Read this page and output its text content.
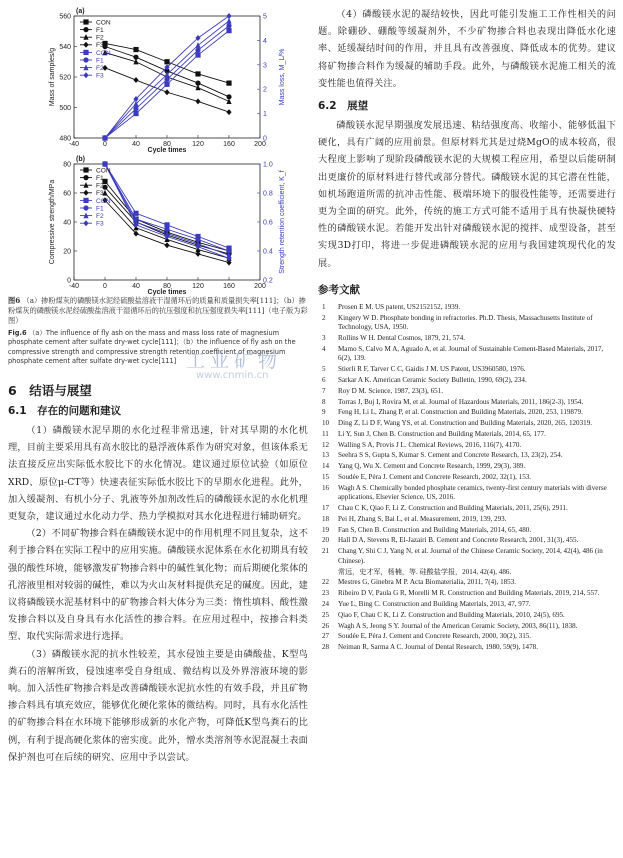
-40	0	40	80	120	160	200
480
500
520
540
560
0
1
2
3
4
5
Cycle times
Mass of samples/g	Mass loss, M_L/%
CON
F1
F2
F3
CON
F1
F2
F3
(a)
-40	0	40	80	120	160	200
0
20
40
60
80
0.2
0.4
0.6
0.8
1.0
Cycle times
Compressive strength/MPa	Strength retention coefficient, K_f
CON
F1
F2
F3
CON
F1
F2
F3
(b)
图6 （a）掺粉煤灰的磷酸镁水泥经硫酸盐溶液干湿循环后的质量和质量损失率[111]；（b）掺粉煤灰的磷酸镁水泥经硫酸盐溶液干湿循环后的抗压强度和抗压强度损失率[111]（电子版为彩图）
Fig.6 （a）The influence of fly ash on the mass and mass loss rate of magnesium phosphate cement after sulfate dry-wet cycle[111]；（b）the influence of fly ash on the compressive strength and compressive strength retention coefficient of magnesium phosphate cement after sulfate dry-wet cycle[111]
6　结语与展望
6.1　存在的问题和建议

（1）磷酸镁水泥早期的水化过程非常迅速，针对其早期的水化机理，目前主要采用具有高水胶比的悬浮液体系作为研究对象，但该体系无法直接反应出实际低水胶比下的水化情况。建议通过原位试验（如原位XRD、原位μ-CT等）快速表征实际低水胶比下的早期水化进程。此外，加入缓凝剂、有机小分子、乳液等外加剂改性后的磷酸镁水泥的水化机理更复杂，建议通过水化动力学、热力学模拟对其水化进程进行辅助研究。

（2）不同矿物掺合料在磷酸镁水泥中的作用机理不同且复杂，这不利于掺合料在实际工程中的应用实施。磷酸镁水泥体系在水化初期具有较强的酸性环境，能够激发矿物掺合料中的碱性氧化物；而后期硬化浆体的孔溶液里相对较弱的碱性，难以为火山灰材料提供充足的碱度。因此，建议将磷酸镁水泥基材料中的矿物掺合料大体分为三类：惰性填料、酸性激发掺合料以及自身具有水化活性的掺合料。在应用过程中，按掺合料类型、取代实际需求进行选择。

（3）磷酸镁水泥的抗水性较差，其水侵蚀主要是由磷酸盐、K型鸟粪石的溶解所致，侵蚀速率受自身组成、微结构以及外界溶液环境的影响。加入活性矿物掺合料是改善磷酸镁水泥抗水性的有效手段，并且矿物掺合料具有填充效应，能够优化硬化浆体的微结构。同时，具有水化活性的矿物掺合料在水环境下能够形成新的水化产物，可降低K型鸟粪石的比例，有利于提高硬化浆体的密实度。此外，憎水类溶剂等水泥混凝土表面保护剂也可在后续的研究、应用中予以尝试。

（4）磷酸镁水泥的凝结较快，因此可能引发施工工作性相关的问题。除硼砂、硼酸等缓凝剂外，不少矿物掺合料也表现出降低水化速率、延缓凝结时间的作用，并且具有改善强度、降低成本的优势。建议将矿物掺合料作为缓凝的辅助手段。此外，与磷酸镁水泥施工相关的流变性能也值得关注。

6.2　展望

磷酸镁水泥早期强度发展迅速、粘结强度高、收缩小、能够低温下硬化，具有广阔的应用前景。但原材料尤其是过烧MgO的成本较高，很大程度上影响了现阶段磷酸镁水泥的大规模工程应用，希望以后能研制出更廉价的原材料进行替代或部分替代。磷酸镁水泥的其它潜在性能，如机场跑道所需的抗冲击性能、极端环境下的服役性能等，还需要进行更为全面的研究。此外，传统的施工方式可能不适用于具有快凝快硬特性的磷酸镁水泥。若能开发出针对磷酸镁水泥的搅拌、成型设备，甚至实现3D打印，将进一步促进磷酸镁水泥的应用与我国建筑现代化的发展。

参考文献
1	Prosen E M. US patent, US2152152, 1939.
2	Kingery W D. Phosphate bonding in refractories. Ph.D. Thesis, Massachusetts Institute of Technology, USA, 1950.
3	Rollins W H. Dental Cosmos, 1879, 21, 574.
4	Mamo S, Calvo M A, Aguado A, et al. Journal of Sustainable Cement-Based Materials, 2017, 6(2), 139.
5	Stierli R F, Tarver C C, Gaidis J M. US Patent, US3960580, 1976.
6	Sarkar A K. American Ceramic Society Bulletin, 1990, 69(2), 234.
7	Roy D M. Science, 1987, 23(3), 651.
8	Torras J, Buj I, Rovira M, et al. Journal of Hazardous Materials, 2011, 186(2-3), 1954.
9	Feng H, Li L, Zhang P, et al. Construction and Building Materials, 2020, 253, 119879.
10	Ding Z, Li D F, Wang YS, et al. Construction and Building Materials, 2020, 265, 120319.
11	Li Y, Sun J, Chen B. Construction and Building Materials, 2014, 65, 177.
12	Walling S A, Provis J L. Chemical Reviews, 2016, 116(7), 4170.
13	Seehra S S, Gupta S, Kumar S. Cement and Concrete Research, 13, 23(2), 254.
14	Yang Q, Wu X. Cement and Concrete Research, 1999, 29(3), 389.
15	Soudée E, Péra J. Cement and Concrete Research, 2002, 32(1), 153.
16	Wagh A S. Chemically bonded phosphate ceramics, twenty-first century materials with diverse applications, Elsevier Science, US, 2016.
17	Chau C K, Qiao F, Li Z. Construction and Building Materials, 2011, 25(6), 2911.
18	Pei H, Zhang S, Bai L, et al. Measurement, 2019, 139, 293.
19	Fan S, Chen B. Construction and Building Materials, 2014, 65, 480.
20	Hall D A, Stevens R, El-Jazairi B. Cement and Concrete Research, 2001, 31(3), 455.
21	Chang Y, Shi C J, Yang N, et al. Journal of the Chinese Ceramic Society, 2014, 42(4), 486 (in Chinese).
常远，史才军，杨楠，等. 硅酸盐学报，2014, 42(4), 486.
22	Mestres G, Ginebra M P. Acta Biomaterialia, 2011, 7(4), 1853.
23	Ribeiro D V, Paula G R, Morelli M R. Construction and Building Materials, 2019, 214, 557.
24	Yue L, Bing C. Construction and Building Materials, 2013, 47, 977.
25	Qiao F, Chau C K, Li Z. Construction and Building Materials, 2010, 24(5), 695.
26	Wagh A S, Jeong S Y. Journal of the American Ceramic Society, 2003, 86(11), 1838.
27	Soudée E, Péra J. Cement and Concrete Research, 2000, 30(2), 315.
28	Neiman R, Sarma A C. Journal of Dental Research, 1980, 59(9), 1478.
工业矿物
www.cnmin.cn
